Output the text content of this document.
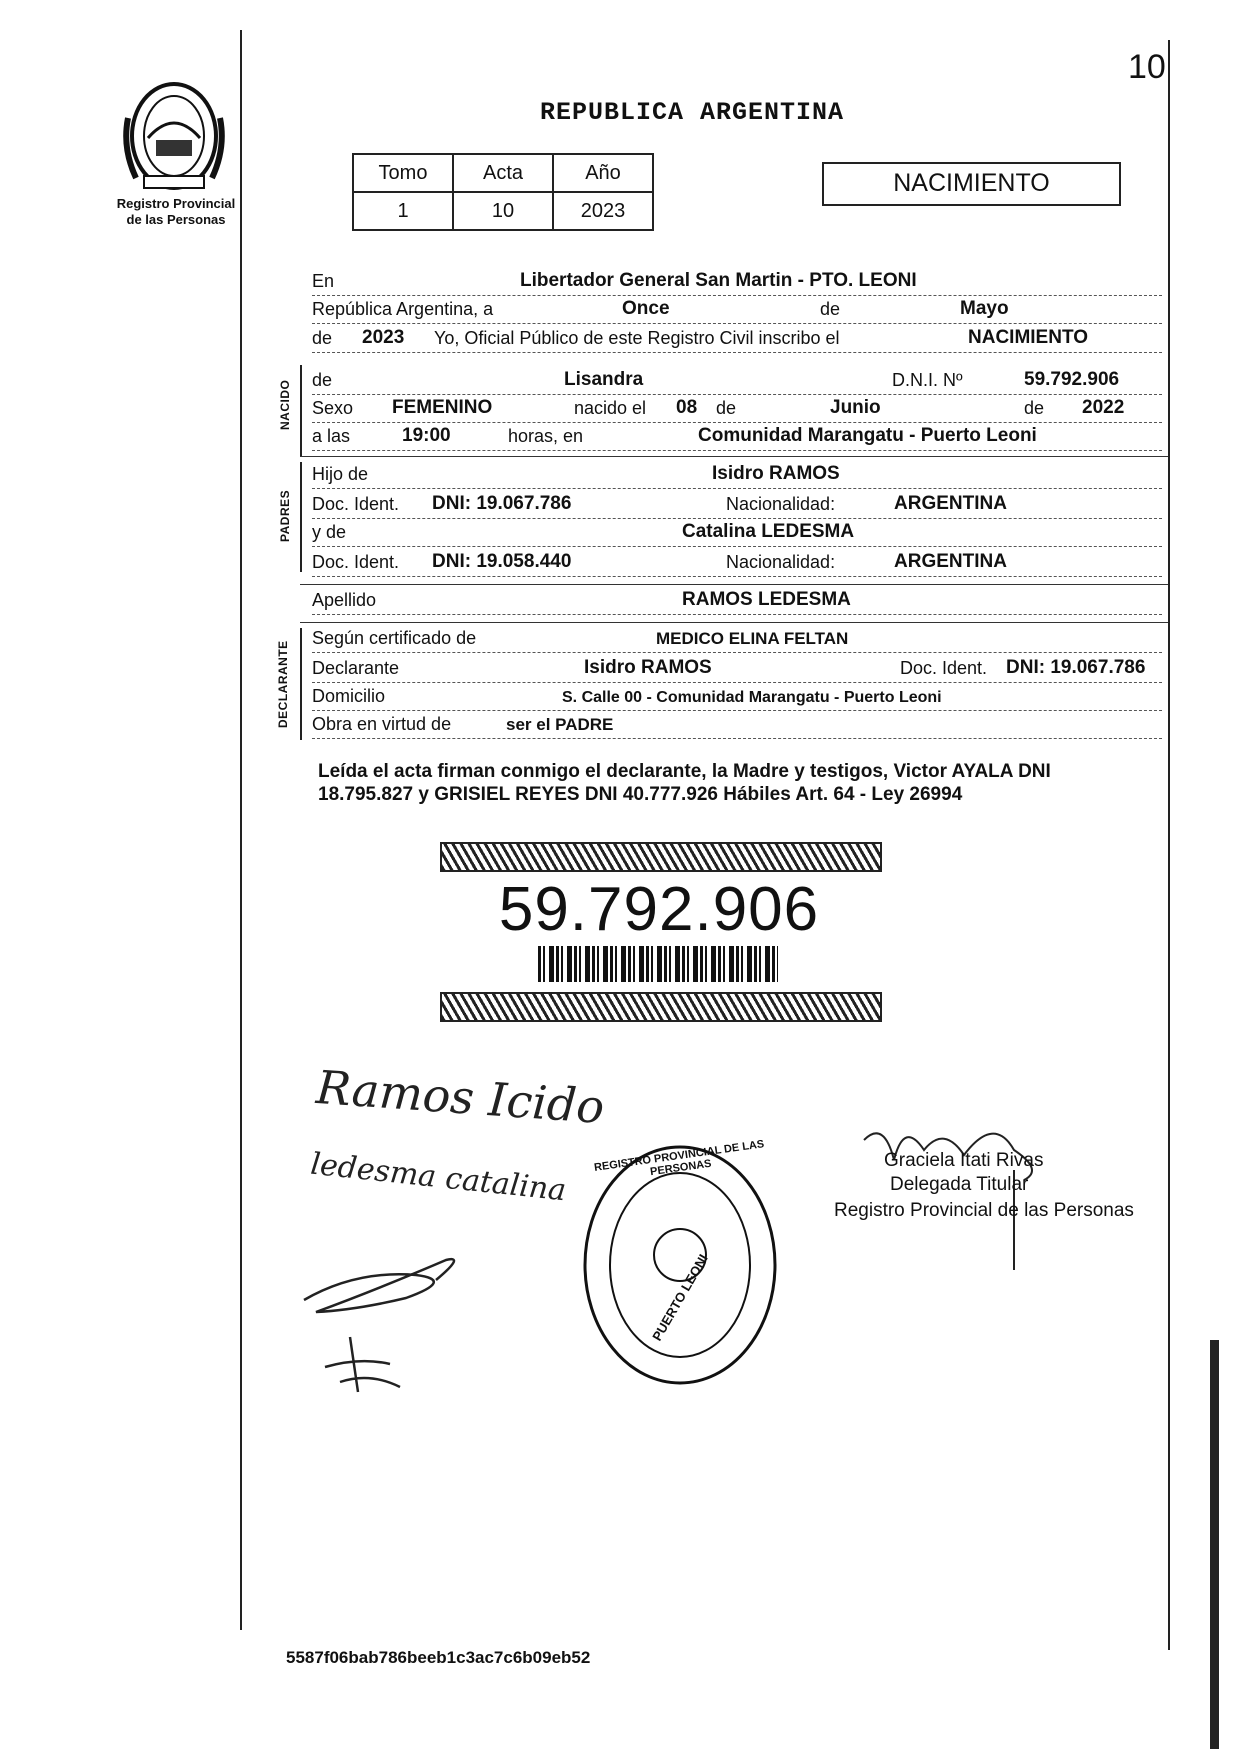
Registro Provincial
de las Personas
10
REPUBLICA ARGENTINA
Tomo	Acta	Año
1	10	2023
NACIMIENTO
En	Libertador General San Martin - PTO. LEONI
República Argentina, a	Once	de	Mayo
de 2023 Yo, Oficial Público de este Registro Civil inscribo el	NACIMIENTO
NACIDO de	Lisandra	D.N.I. Nº	59.792.906
Sexo FEMENINO	nacido el 08 de	Junio	de 2022
a las	19:00	horas, en	Comunidad Marangatu - Puerto Leoni
PADRES
Hijo de	Isidro RAMOS
Doc. Ident. DNI: 19.067.786	Nacionalidad:	ARGENTINA
y de	Catalina LEDESMA
Doc. Ident. DNI: 19.058.440	Nacionalidad:	ARGENTINA
Apellido	RAMOS LEDESMA
DECLARANTE
Según certificado de	MEDICO ELINA FELTAN
Declarante	Isidro RAMOS	Doc. Ident. DNI: 19.067.786
Domicilio	S. Calle 00 - Comunidad Marangatu - Puerto Leoni
Obra en virtud de	ser el PADRE
Leída el acta firman conmigo el declarante, la Madre y testigos, Victor AYALA DNI
18.795.827 y GRISIEL REYES DNI 40.777.926 Hábiles Art. 64 - Ley 26994
59.792.906
Ramos Icido
ledesma catalina	REGISTRO PROVINCIAL DE LAS PERSONAS
PUERTO LEONI
Graciela Itati Rivas
Delegada Titular
Registro Provincial de las Personas
5587f06bab786beeb1c3ac7c6b09eb52
